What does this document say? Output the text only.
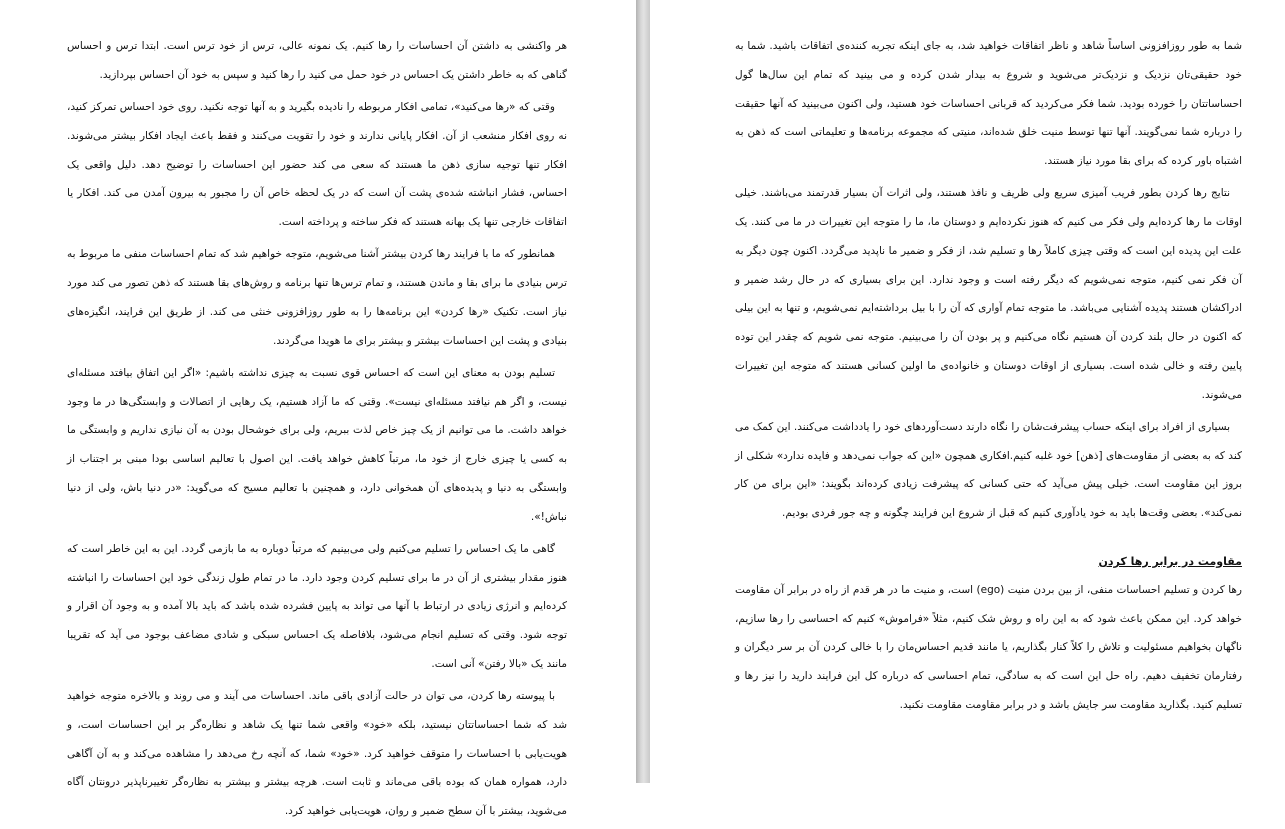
هر واکنشی به داشتن آن احساسات را رها کنیم. یک نمونه عالی، ترس از خود ترس است. ابتدا ترس و احساس گناهی که به خاطر داشتن یک احساس در خود حمل می کنید را رها کنید و سپس به خود آن احساس بپردازید.

وقتی که «رها می‌کنید»، تمامی افکار مربوطه را نادیده بگیرید و به آنها توجه نکنید. روی خود احساس تمرکز کنید، نه روی افکار منشعب از آن. افکار پایانی ندارند و خود را تقویت می‌کنند و فقط باعث ایجاد افکار بیشتر می‌شوند. افکار تنها توجیه سازی ذهن ما هستند که سعی می کند حضور این احساسات را توضیح دهد. دلیل واقعی یک احساس، فشار انباشته شده‌ی پشت آن است که در یک لحظه خاص آن را مجبور به بیرون آمدن می کند. افکار یا اتفاقات خارجی تنها یک بهانه هستند که فکر ساخته و پرداخته است.

همانطور که ما با فرایند رها کردن بیشتر آشنا می‌شویم، متوجه خواهیم شد که تمام احساسات منفی ما مربوط به ترس بنیادی ما برای بقا و ماندن هستند، و تمام ترس‌ها تنها برنامه و روش‌های بقا هستند که ذهن تصور می کند مورد نیاز است. تکنیک «رها کردن» این برنامه‌ها را به طور روزافزونی خنثی می کند. از طریق این فرایند، انگیزه‌های بنیادی و پشت این احساسات بیشتر و بیشتر برای ما هویدا می‌گردند.

تسلیم بودن به معنای این است که احساس قوی نسبت به چیزی نداشته باشیم: «اگر این اتفاق بیافتد مسئله‌ای نیست، و اگر هم نیافتد مسئله‌ای نیست». وقتی که ما آزاد هستیم، یک رهایی از اتصالات و وابستگی‌ها در ما وجود خواهد داشت. ما می توانیم از یک چیز خاص لذت ببریم، ولی برای خوشحال بودن به آن نیازی نداریم و وابستگی ما به کسی یا چیزی خارج از خود ما، مرتباً کاهش خواهد یافت. این اصول با تعالیم اساسی بودا مبنی بر اجتناب از وابستگی به دنیا و پدیده‌های آن همخوانی دارد، و همچنین با تعالیم مسیح که می‌گوید: «در دنیا باش، ولی از دنیا نباش!».

گاهی ما یک احساس را تسلیم می‌کنیم ولی می‌بینیم که مرتباً دوباره به ما بازمی گردد. این به این خاطر است که هنوز مقدار بیشتری از آن در ما برای تسلیم کردن وجود دارد. ما در تمام طول زندگی خود این احساسات را انباشته کرده‌ایم و انرژی زیادی در ارتباط با آنها می تواند به پایین فشرده شده باشد که باید بالا آمده و به وجود آن اقرار و توجه شود. وقتی که تسلیم انجام می‌شود، بلافاصله یک احساس سبکی و شادی مضاعف بوجود می آید که تقریبا مانند یک «بالا رفتن» آنی است.

با پیوسته رها کردن، می توان در حالت آزادی باقی ماند. احساسات می آیند و می روند و بالاخره متوجه خواهید شد که شما احساساتتان نیستید، بلکه «خود» واقعی شما تنها یک شاهد و نظاره‌گر بر این احساسات است، و هویت‌یابی با احساسات را متوقف خواهید کرد. «خود» شما، که آنچه رخ می‌دهد را مشاهده می‌کند و به آن آگاهی دارد، همواره همان که بوده باقی می‌ماند و ثابت است. هرچه بیشتر و بیشتر به نظاره‌گر تغییرناپذیر درونتان آگاه می‌شوید، بیشتر با آن سطح ضمیر و روان، هویت‌یابی خواهید کرد.

شما به طور روزافزونی اساساً شاهد و ناظر اتفاقات خواهید شد، به جای اینکه تجربه کننده‌ی اتفاقات باشید. شما به خود حقیقی‌تان نزدیک و نزدیک‌تر می‌شوید و شروع به بیدار شدن کرده و می بینید که تمام این سال‌ها گول احساساتتان را خورده بودید. شما فکر می‌کردید که قربانی احساسات خود هستید، ولی اکنون می‌بینید که آنها حقیقت را درباره شما نمی‌گویند. آنها تنها توسط منیت خلق شده‌اند، منیتی که مجموعه برنامه‌ها و تعلیماتی است که ذهن به اشتباه باور کرده که برای بقا مورد نیاز هستند.

نتایج رها کردن بطور فریب آمیزی سریع ولی ظریف و نافذ هستند، ولی اثرات آن بسیار قدرتمند می‌باشند. خیلی اوقات ما رها کرده‌ایم ولی فکر می کنیم که هنوز نکرده‌ایم و دوستان ما، ما را متوجه این تغییرات در ما می کنند. یک علت این پدیده این است که وقتی چیزی کاملاً رها و تسلیم شد، از فکر و ضمیر ما ناپدید می‌گردد. اکنون چون دیگر به آن فکر نمی کنیم، متوجه نمی‌شویم که دیگر رفته است و وجود ندارد. این برای بسیاری که در حال رشد ضمیر و ادراکشان هستند پدیده آشنایی می‌باشد. ما متوجه تمام آواری که آن را با بیل برداشته‌ایم نمی‌شویم، و تنها به این بیلی که اکنون در حال بلند کردن آن هستیم نگاه می‌کنیم و پر بودن آن را می‌بینیم. متوجه نمی شویم که چقدر این توده پایین رفته و خالی شده است. بسیاری از اوقات دوستان و خانواده‌ی ما اولین کسانی هستند که متوجه این تغییرات می‌شوند.

بسیاری از افراد برای اینکه حساب پیشرفت‌شان را نگاه دارند دست‌آوردهای خود را یادداشت می‌کنند. این کمک می کند که به بعضی از مقاومت‌های [ذهن] خود غلبه کنیم.افکاری همچون «این که جواب نمی‌دهد و فایده ندارد» شکلی از بروز این مقاومت است. خیلی پیش می‌آید که حتی کسانی که پیشرفت زیادی کرده‌اند بگویند: «این برای من کار نمی‌کند». بعضی وقت‌ها باید به خود یادآوری کنیم که قبل از شروع این فرایند چگونه و چه جور فردی بودیم.

مقاومت در برابر رها کردن

رها کردن و تسلیم احساسات منفی، از بین بردن منیت (ego) است، و منیت ما در هر قدم از راه در برابر آن مقاومت خواهد کرد. این ممکن باعث شود که به این راه و روش شک کنیم، مثلاً «فراموش» کنیم که احساسی را رها سازیم، ناگهان بخواهیم مسئولیت و تلاش را کلاً کنار بگذاریم، یا مانند قدیم احساس‌مان را با خالی کردن آن بر سر دیگران و رفتارمان تخفیف دهیم. راه حل این است که به سادگی، تمام احساسی که درباره کل این فرایند دارید را نیز رها و تسلیم کنید. بگذارید مقاومت سر جایش باشد و در برابر مقاومت مقاومت نکنید.
